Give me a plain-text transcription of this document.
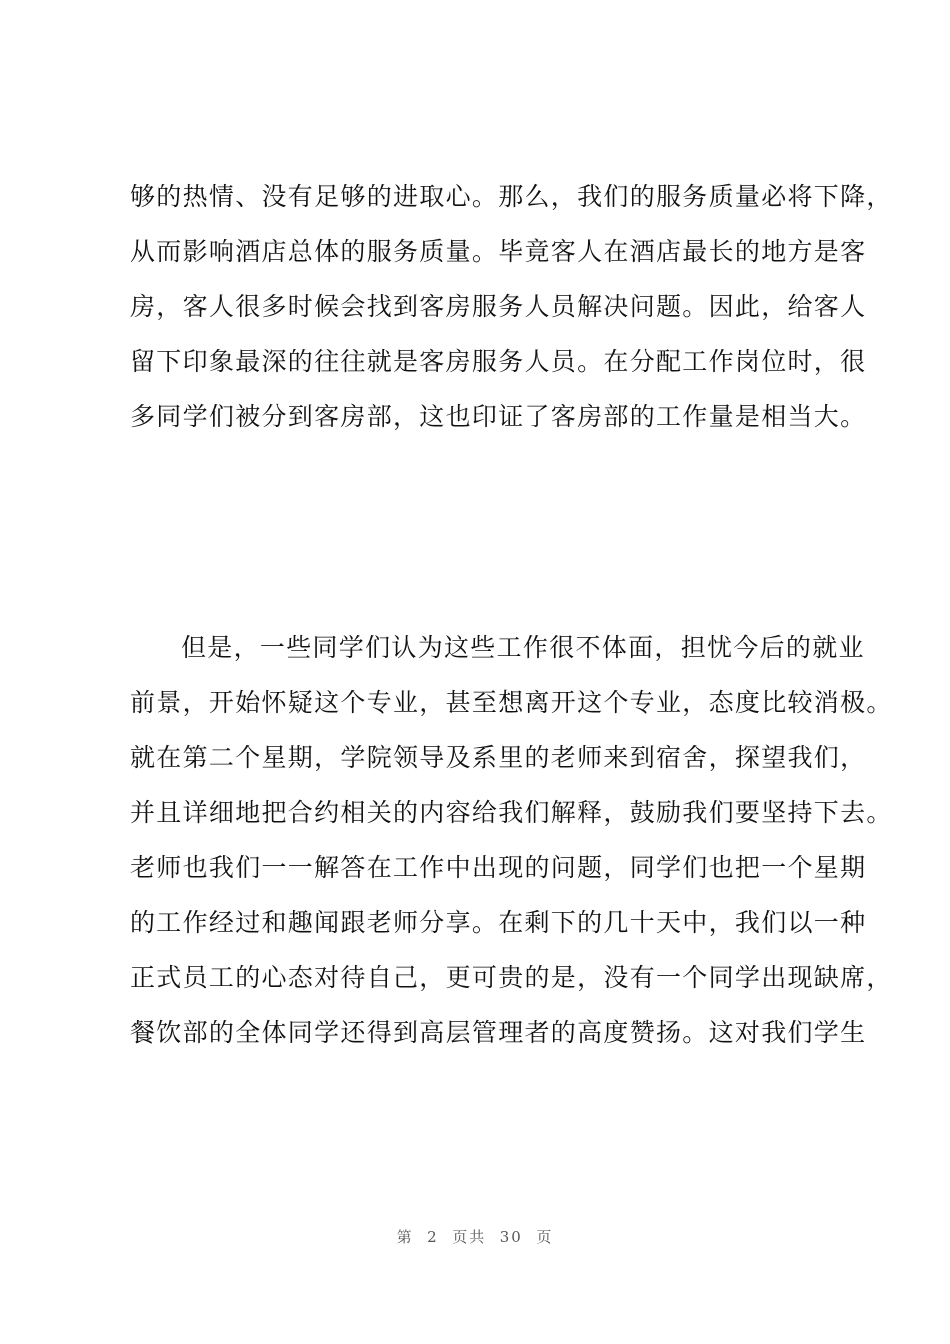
够的热情、没有足够的进取心。那么，我们的服务质量必将下降，
从而影响酒店总体的服务质量。毕竟客人在酒店最长的地方是客
房，客人很多时候会找到客房服务人员解决问题。因此，给客人
留下印象最深的往往就是客房服务人员。在分配工作岗位时，很
多同学们被分到客房部，这也印证了客房部的工作量是相当大。
但是，一些同学们认为这些工作很不体面，担忧今后的就业
前景，开始怀疑这个专业，甚至想离开这个专业，态度比较消极。
就在第二个星期，学院领导及系里的老师来到宿舍，探望我们，
并且详细地把合约相关的内容给我们解释，鼓励我们要坚持下去。
老师也我们一一解答在工作中出现的问题，同学们也把一个星期
的工作经过和趣闻跟老师分享。在剩下的几十天中，我们以一种
正式员工的心态对待自己，更可贵的是，没有一个同学出现缺席，
餐饮部的全体同学还得到高层管理者的高度赞扬。这对我们学生
第  2  页共  30  页
